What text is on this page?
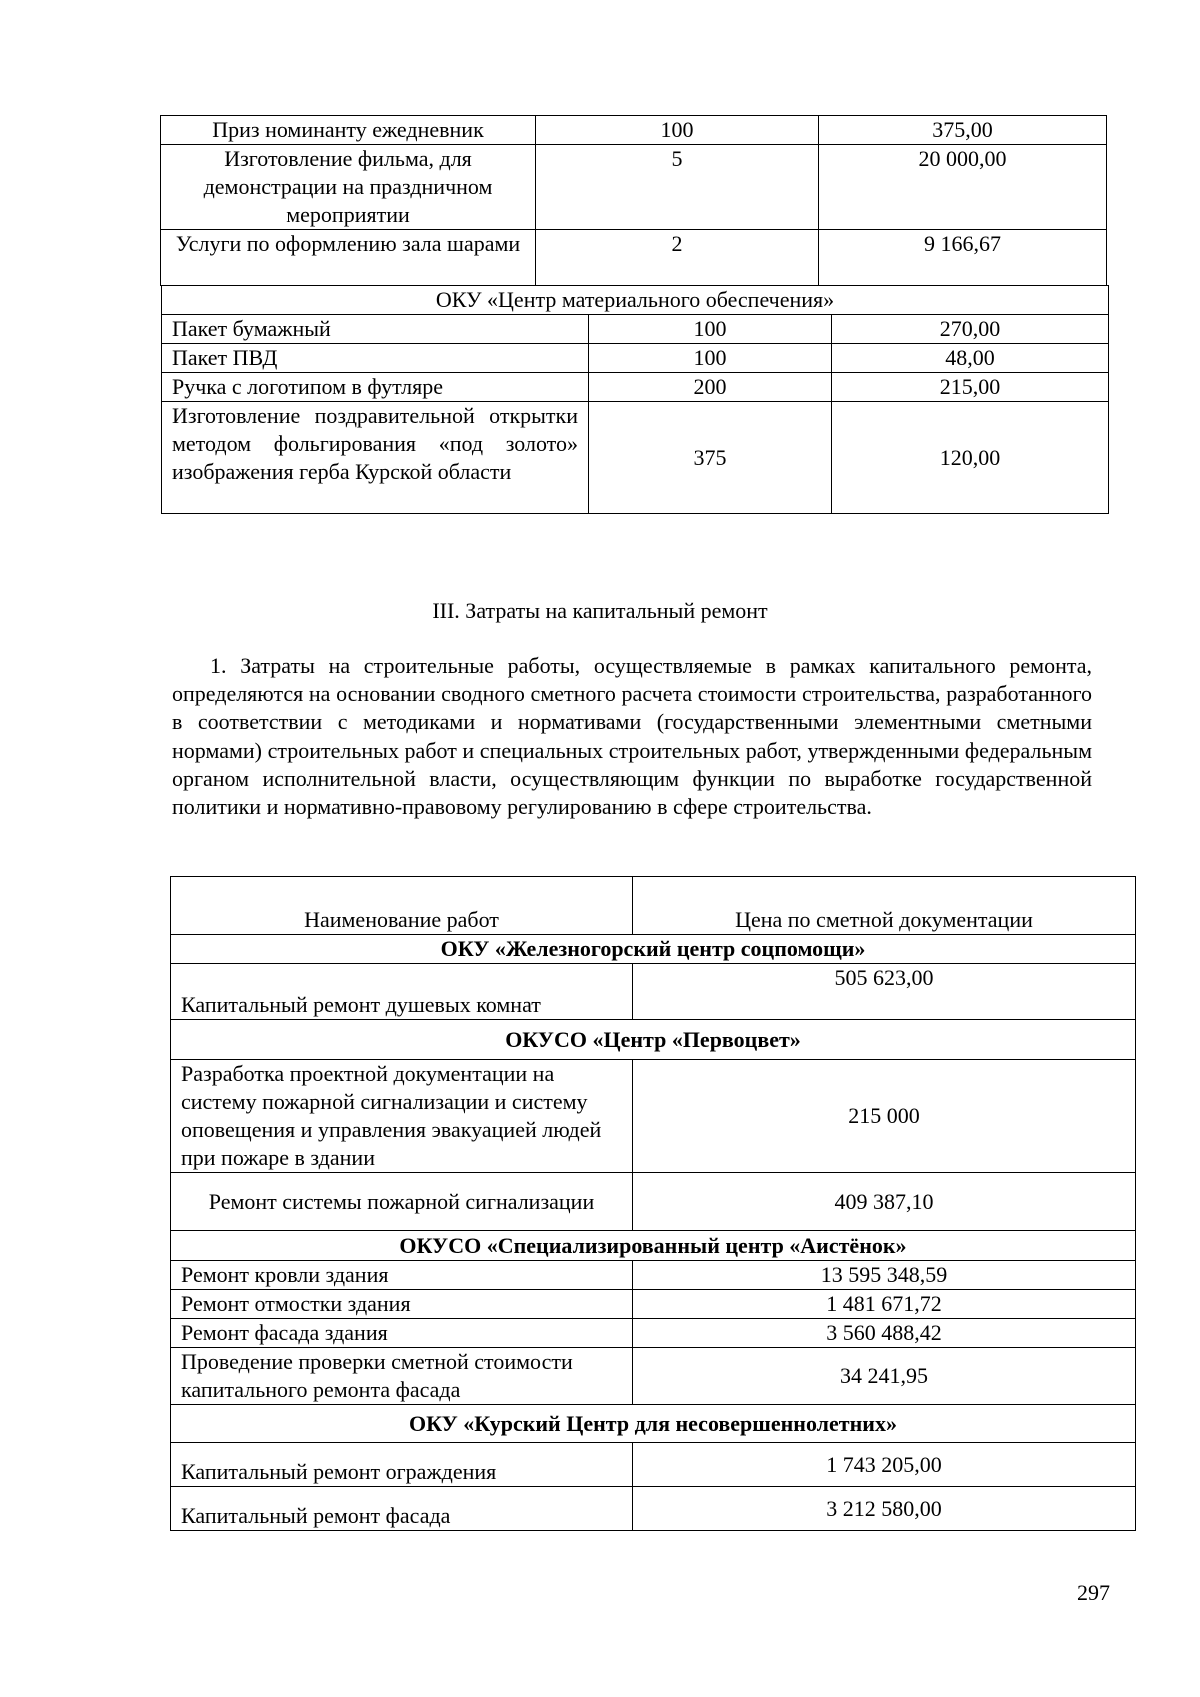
Приз номинанту ежедневник	100	375,00
Изготовление фильма, для демонстрации на праздничном мероприятии	5	20 000,00
Услуги по оформлению зала шарами	2	9 166,67
ОКУ «Центр материального обеспечения»		
Пакет бумажный	100	270,00
Пакет ПВД	100	48,00
Ручка с логотипом в футляре	200	215,00
Изготовление поздравительной открытки методом фольгирования «под золото» изображения герба Курской области	375	120,00
III. Затраты на капитальный ремонт
1. Затраты на строительные работы, осуществляемые в рамках капитального ремонта, определяются на основании сводного сметного расчета стоимости строительства, разработанного в соответствии с методиками и нормативами (государственными элементными сметными нормами) строительных работ и специальных строительных работ, утвержденными федеральным органом исполнительной власти, осуществляющим функции по выработке государственной политики и нормативно-правовому регулированию в сфере строительства.
Наименование работ	Цена по сметной документации
ОКУ «Железногорский центр соцпомощи»	
Капитальный ремонт душевых комнат	505 623,00
ОКУСО «Центр «Первоцвет»	
Разработка проектной документации на систему пожарной сигнализации и систему оповещения и управления эвакуацией людей при пожаре в здании	215 000
Ремонт системы пожарной сигнализации	409 387,10
ОКУСО «Специализированный центр «Аистёнок»	
Ремонт кровли здания	13 595 348,59
Ремонт отмостки здания	1 481 671,72
Ремонт фасада здания	3 560 488,42
Проведение проверки сметной стоимости капитального ремонта фасада	34 241,95
ОКУ «Курский Центр для несовершеннолетних»	
Капитальный ремонт ограждения	1 743 205,00
Капитальный ремонт фасада	3 212 580,00
297
